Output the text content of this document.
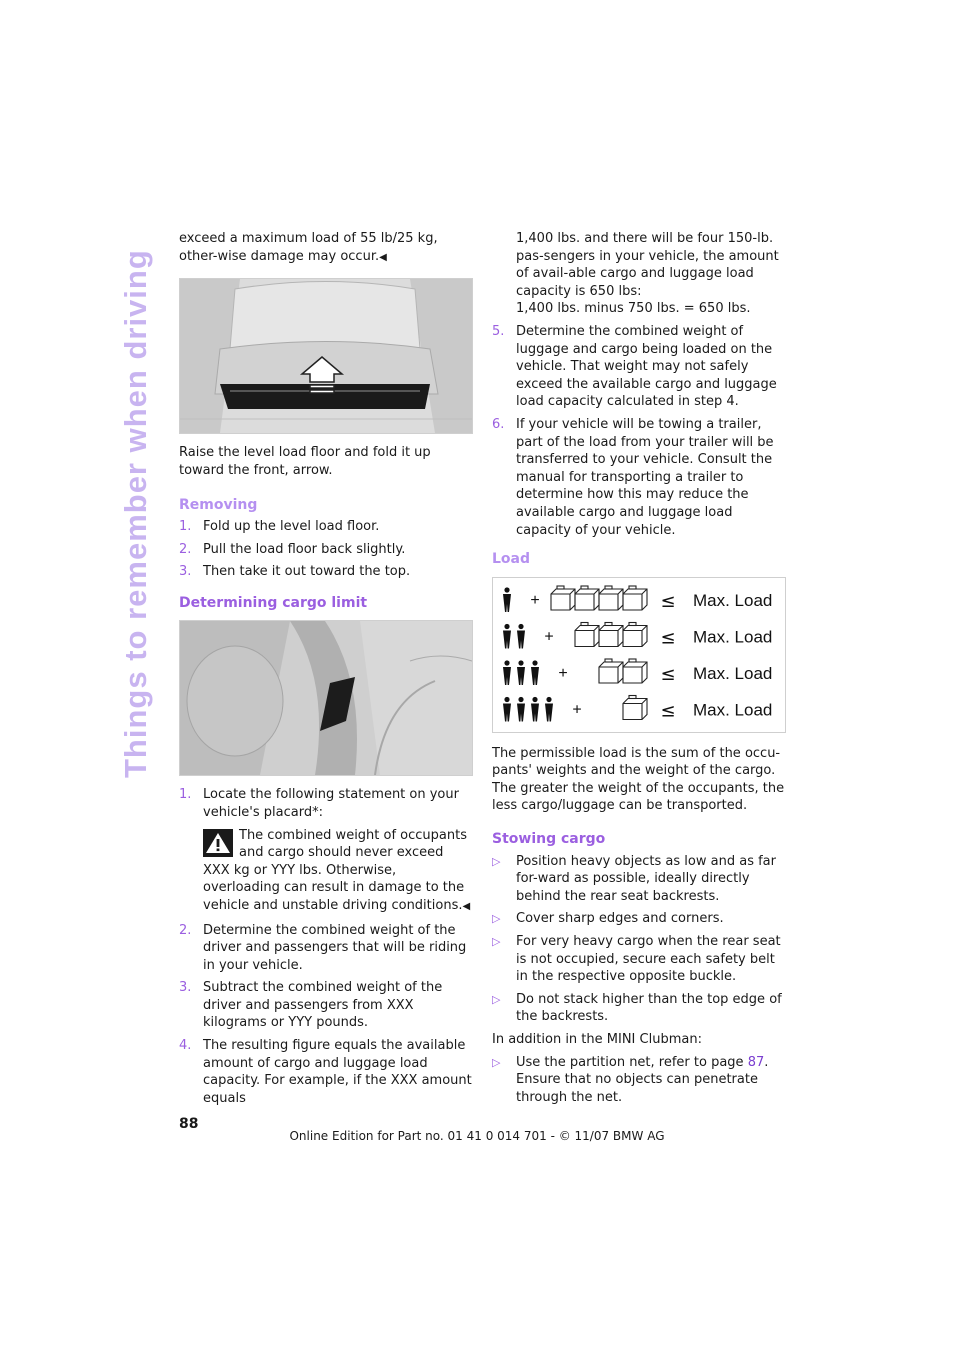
Things to remember when driving

exceed a maximum load of 55 lb/25 kg, other-wise damage may occur.◀

Raise the level load floor and fold it up toward the front, arrow.

Removing

1. Fold up the level load floor.
2. Pull the load floor back slightly.
3. Then take it out toward the top.

Determining cargo limit

1. Locate the following statement on your vehicle's placard*:
The combined weight of occupants and cargo should never exceed XXX kg or YYY lbs. Otherwise, overloading can result in damage to the vehicle and unstable driving conditions.◀
2. Determine the combined weight of the driver and passengers that will be riding in your vehicle.
3. Subtract the combined weight of the driver and passengers from XXX kilograms or YYY pounds.
4. The resulting figure equals the available amount of cargo and luggage load capacity. For example, if the XXX amount equals

1,400 lbs. and there will be four 150-lb. pas-sengers in your vehicle, the amount of avail-able cargo and luggage load capacity is 650 lbs:

1,400 lbs. minus 750 lbs. = 650 lbs.

5. Determine the combined weight of luggage and cargo being loaded on the vehicle. That weight may not safely exceed the available cargo and luggage load capacity calculated in step 4.
6. If your vehicle will be towing a trailer, part of the load from your trailer will be transferred to your vehicle. Consult the manual for transporting a trailer to determine how this may reduce the available cargo and luggage load capacity of your vehicle.

Load

+	≤ Max. Load
+	≤ Max. Load
+	≤ Max. Load
+	≤ Max. Load

The permissible load is the sum of the occu-pants' weights and the weight of the cargo. The greater the weight of the occupants, the less cargo/luggage can be transported.

Stowing cargo

▷ Position heavy objects as low and as far for-ward as possible, ideally directly behind the rear seat backrests.
▷ Cover sharp edges and corners.
▷ For very heavy cargo when the rear seat is not occupied, secure each safety belt in the respective opposite buckle.
▷ Do not stack higher than the top edge of the backrests.

In addition in the MINI Clubman:

▷ Use the partition net, refer to page 87. Ensure that no objects can penetrate through the net.
88
Online Edition for Part no. 01 41 0 014 701 - © 11/07 BMW AG
